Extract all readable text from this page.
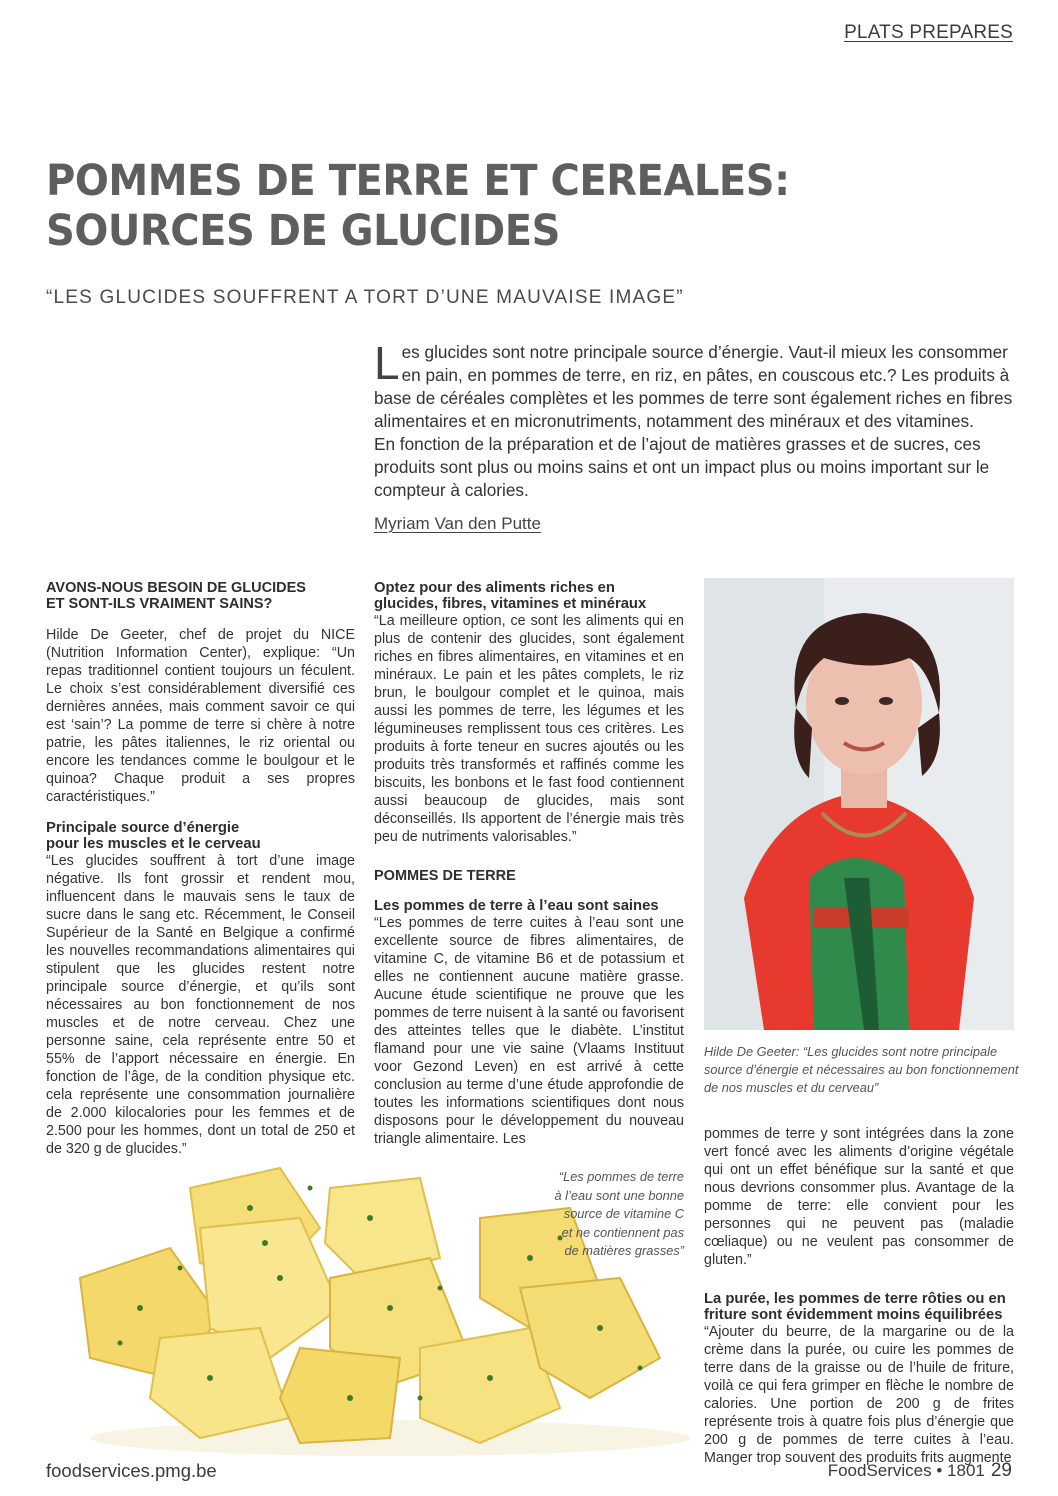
PLATS PREPARES
POMMES DE TERRE ET CEREALES:
SOURCES DE GLUCIDES
“LES GLUCIDES SOUFFRENT A TORT D’UNE MAUVAISE IMAGE”

Les glucides sont notre principale source d’énergie. Vaut-il mieux les consommer en pain, en pommes de terre, en riz, en pâtes, en couscous etc.? Les produits à base de céréales complètes et les pommes de terre sont également riches en fibres alimentaires et en micronutriments, notamment des minéraux et des vitamines.
En fonction de la préparation et de l’ajout de matières grasses et de sucres, ces produits sont plus ou moins sains et ont un impact plus ou moins important sur le compteur à calories.

Myriam Van den Putte
AVONS-NOUS BESOIN DE GLUCIDES
ET SONT-ILS VRAIMENT SAINS?

Hilde De Geeter, chef de projet du NICE (Nutrition Information Center), explique: “Un repas traditionnel contient toujours un féculent. Le choix s’est considérablement diversifié ces dernières années, mais comment savoir ce qui est ‘sain’? La pomme de terre si chère à notre patrie, les pâtes italiennes, le riz oriental ou encore les tendances comme le boulgour et le quinoa? Chaque produit a ses propres caractéristiques.”

Principale source d’énergie
pour les muscles et le cerveau

“Les glucides souffrent à tort d’une image négative. Ils font grossir et rendent mou, influencent dans le mauvais sens le taux de sucre dans le sang etc. Récemment, le Conseil Supérieur de la Santé en Belgique a confirmé les nouvelles recommandations alimentaires qui stipulent que les glucides restent notre principale source d’énergie, et qu’ils sont nécessaires au bon fonctionnement de nos muscles et de notre cerveau. Chez une personne saine, cela représente entre 50 et 55% de l’apport nécessaire en énergie. En fonction de l’âge, de la condition physique etc. cela représente une consommation journalière de 2.000 kilocalories pour les femmes et de 2.500 pour les hommes, dont un total de 250 et de 320 g de glucides.”

Optez pour des aliments riches en
glucides, fibres, vitamines et minéraux

“La meilleure option, ce sont les aliments qui en plus de contenir des glucides, sont également riches en fibres alimentaires, en vitamines et en minéraux. Le pain et les pâtes complets, le riz brun, le boulgour complet et le quinoa, mais aussi les pommes de terre, les légumes et les légumineuses remplissent tous ces critères. Les produits à forte teneur en sucres ajoutés ou les produits très transformés et raffinés comme les biscuits, les bonbons et le fast food contiennent aussi beaucoup de glucides, mais sont déconseillés. Ils apportent de l’énergie mais très peu de nutriments valorisables.”

POMMES DE TERRE
Les pommes de terre à l’eau sont saines

“Les pommes de terre cuites à l’eau sont une excellente source de fibres alimentaires, de vitamine C, de vitamine B6 et de potassium et elles ne contiennent aucune matière grasse. Aucune étude scientifique ne prouve que les pommes de terre nuisent à la santé ou favorisent des atteintes telles que le diabète. L’institut flamand pour une vie saine (Vlaams Instituut voor Gezond Leven) en est arrivé à cette conclusion au terme d’une étude approfondie de toutes les informations scientifiques dont nous disposons pour le développement du nouveau triangle alimentaire. Les

Hilde De Geeter: “Les glucides sont notre principale source d’énergie et nécessaires au bon fonctionnement de nos muscles et du cerveau”

pommes de terre y sont intégrées dans la zone vert foncé avec les aliments d’origine végétale qui ont un effet bénéfique sur la santé et que nous devrions consommer plus. Avantage de la pomme de terre: elle convient pour les personnes qui ne peuvent pas (maladie cœliaque) ou ne veulent pas consommer de gluten.”

La purée, les pommes de terre rôties ou en
friture sont évidemment moins équilibrées

“Ajouter du beurre, de la margarine ou de la crème dans la purée, ou cuire les pommes de terre dans de la graisse ou de l’huile de friture, voilà ce qui fera grimper en flèche le nombre de calories. Une portion de 200 g de frites représente trois à quatre fois plus d’énergie que 200 g de pommes de terre cuites à l’eau. Manger trop souvent des produits frits augmente

“Les pommes de terre
à l’eau sont une bonne
source de vitamine C
et ne contiennent pas
de matières grasses”
foodservices.pmg.be	FoodServices • 1801 29
